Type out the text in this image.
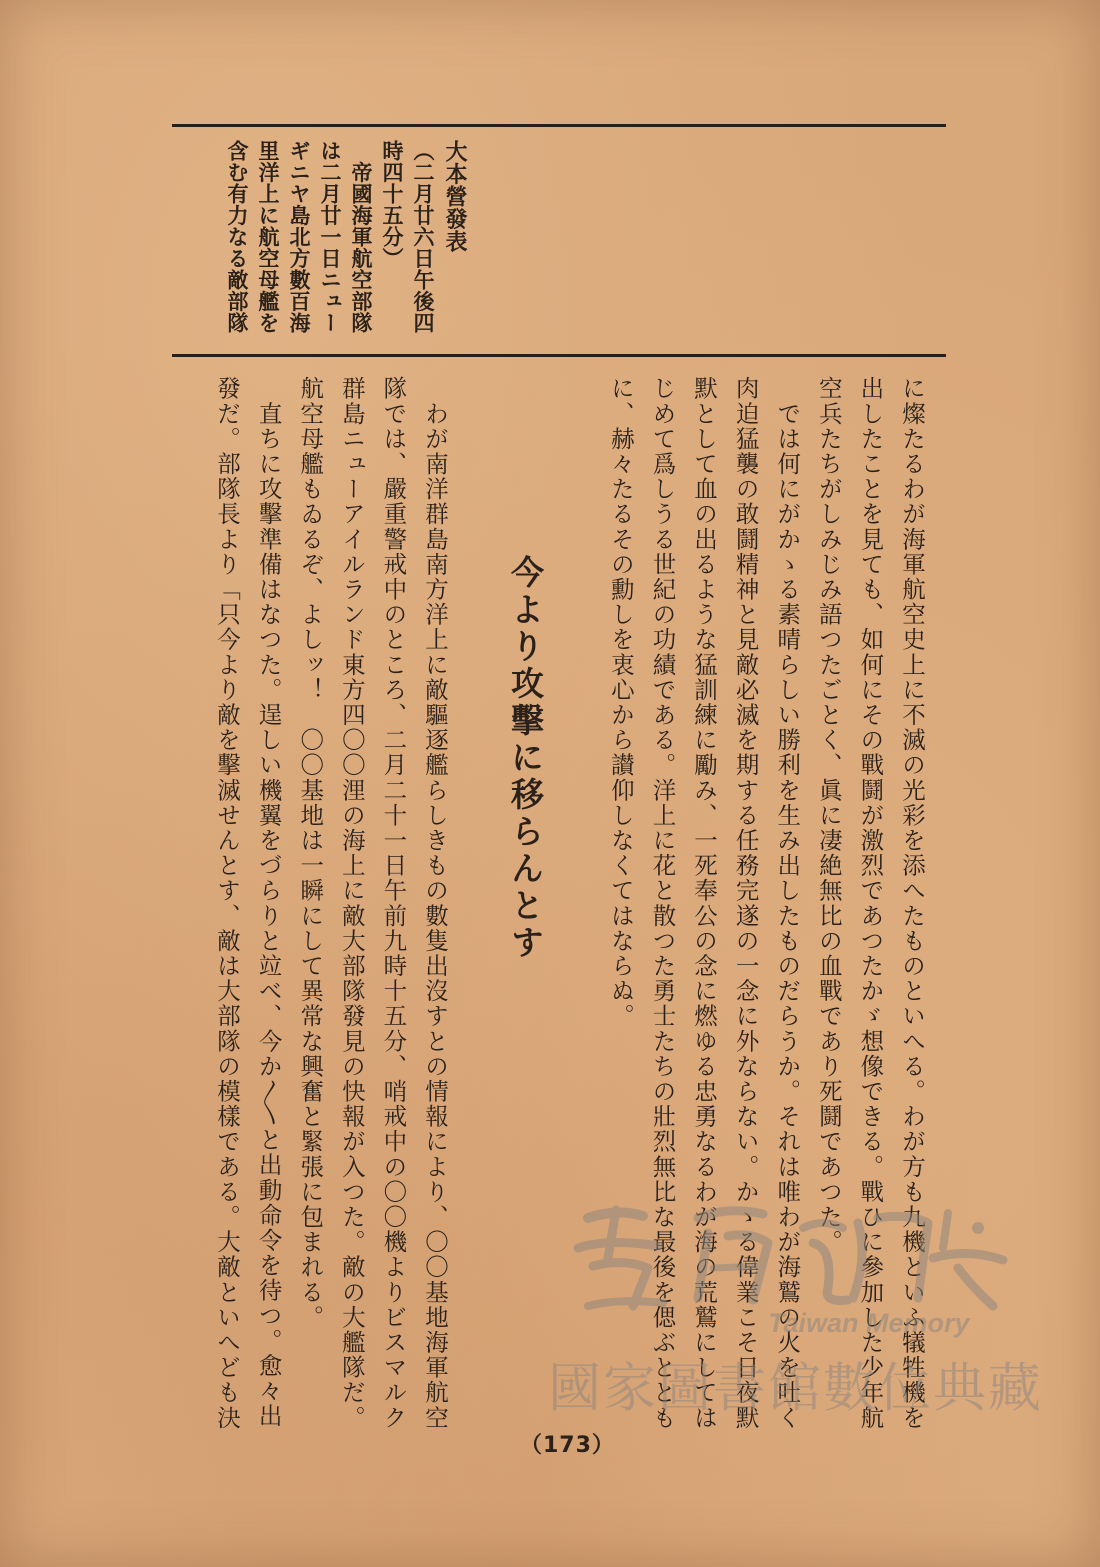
大本營發表
（二月廿六日午後四
時四十五分）
　帝國海軍航空部隊
は二月廿一日ニュー
ギニヤ島北方數百海
里洋上に航空母艦を
含む有力なる敵部隊
に燦たるわが海軍航空史上に不滅の光彩を添へたものといへる。わが方も九機といふ犠牲機を
出したことを見ても、如何にその戰鬪が激烈であつたかゞ想像できる。戰ひに參加した少年航
空兵たちがしみじみ語つたごとく、眞に凄絶無比の血戰であり死鬪であつた。
　では何にがかゝる素晴らしい勝利を生み出したものだらうか。それは唯わが海鷲の火を吐く
肉迫猛襲の敢鬪精神と見敵必滅を期する任務完遂の一念に外ならない。かゝる偉業こそ日夜默
默として血の出るような猛訓練に勵み、一死奉公の念に燃ゆる忠勇なるわが海の荒鷲にしては
じめて爲しうる世紀の功績である。洋上に花と散つた勇士たちの壯烈無比な最後を偲ぶととも
に、赫々たるその勳しを衷心から讃仰しなくてはならぬ。
今より攻擊に移らんとす
　わが南洋群島南方洋上に敵驅逐艦らしきもの數隻出沒すとの情報により、〇〇基地海軍航空
隊では、嚴重警戒中のところ、二月二十一日午前九時十五分、哨戒中の〇〇機よりビスマルク
群島ニューアイルランド東方四〇〇浬の海上に敵大部隊發見の快報が入つた。敵の大艦隊だ。
航空母艦もゐるぞ、よしッ！　〇〇基地は一瞬にして異常な興奮と緊張に包まれる。
　直ちに攻擊準備はなつた。逞しい機翼をづらりと竝べ、今か〳〵と出動命令を待つ。愈々出
發だ。部隊長より「只今より敵を擊滅せんとす、敵は大部隊の模樣である。大敵といへども決
（173）
Taiwan Memory
國家圖書館數位典藏
